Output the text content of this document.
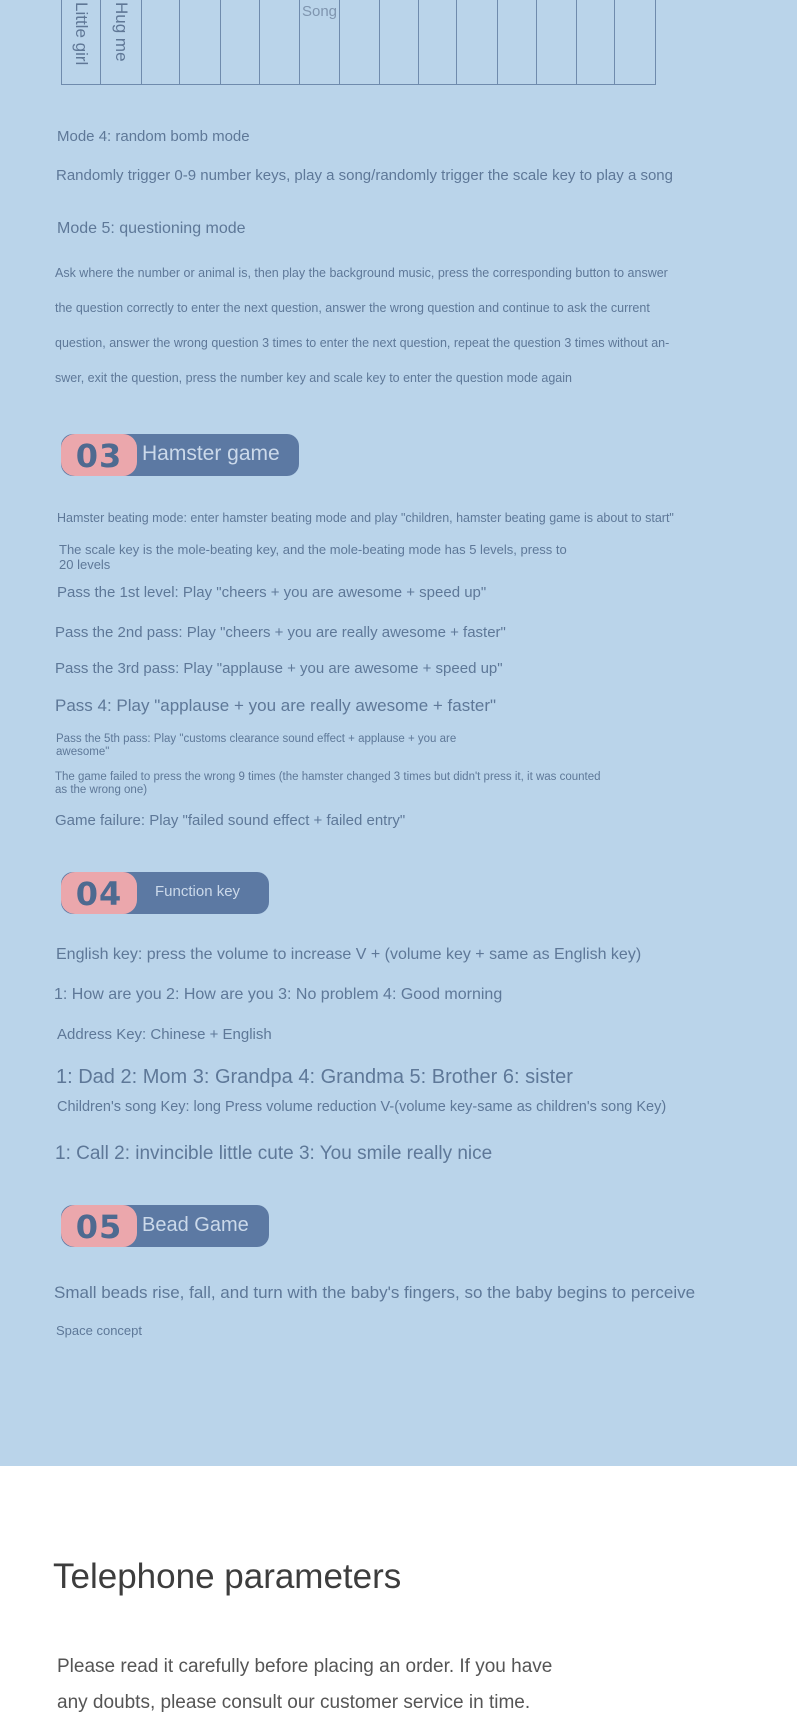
Little girl Hug me	Song
Mode 4: random bomb mode
Randomly trigger 0-9 number keys, play a song/randomly trigger the scale key to play a song
Mode 5: questioning mode
Ask where the number or animal is, then play the background music, press the corresponding button to answer
the question correctly to enter the next question, answer the wrong question and continue to ask the current
question, answer the wrong question 3 times to enter the next question, repeat the question 3 times without an-
swer, exit the question, press the number key and scale key to enter the question mode again
03 Hamster game
Hamster beating mode: enter hamster beating mode and play "children, hamster beating game is about to start"
The scale key is the mole-beating key, and the mole-beating mode has 5 levels, press to 20 levels
Pass the 1st level: Play "cheers + you are awesome + speed up"
Pass the 2nd pass: Play "cheers + you are really awesome + faster"
Pass the 3rd pass: Play "applause + you are awesome + speed up"
Pass 4: Play "applause + you are really awesome + faster"
Pass the 5th pass: Play "customs clearance sound effect + applause + you are awesome"
The game failed to press the wrong 9 times (the hamster changed 3 times but didn't press it, it was counted as the wrong one)
Game failure: Play "failed sound effect + failed entry"
04	Function key
English key: press the volume to increase V + (volume key + same as English key)
1: How are you 2: How are you 3: No problem 4: Good morning
Address Key: Chinese + English
1: Dad 2: Mom 3: Grandpa 4: Grandma 5: Brother 6: sister
Children's song Key: long Press volume reduction V-(volume key-same as children's song Key)
1: Call 2: invincible little cute 3: You smile really nice
05 Bead Game
Small beads rise, fall, and turn with the baby's fingers, so the baby begins to perceive
Space concept
Telephone parameters
Please read it carefully before placing an order. If you have
any doubts, please consult our customer service in time.
